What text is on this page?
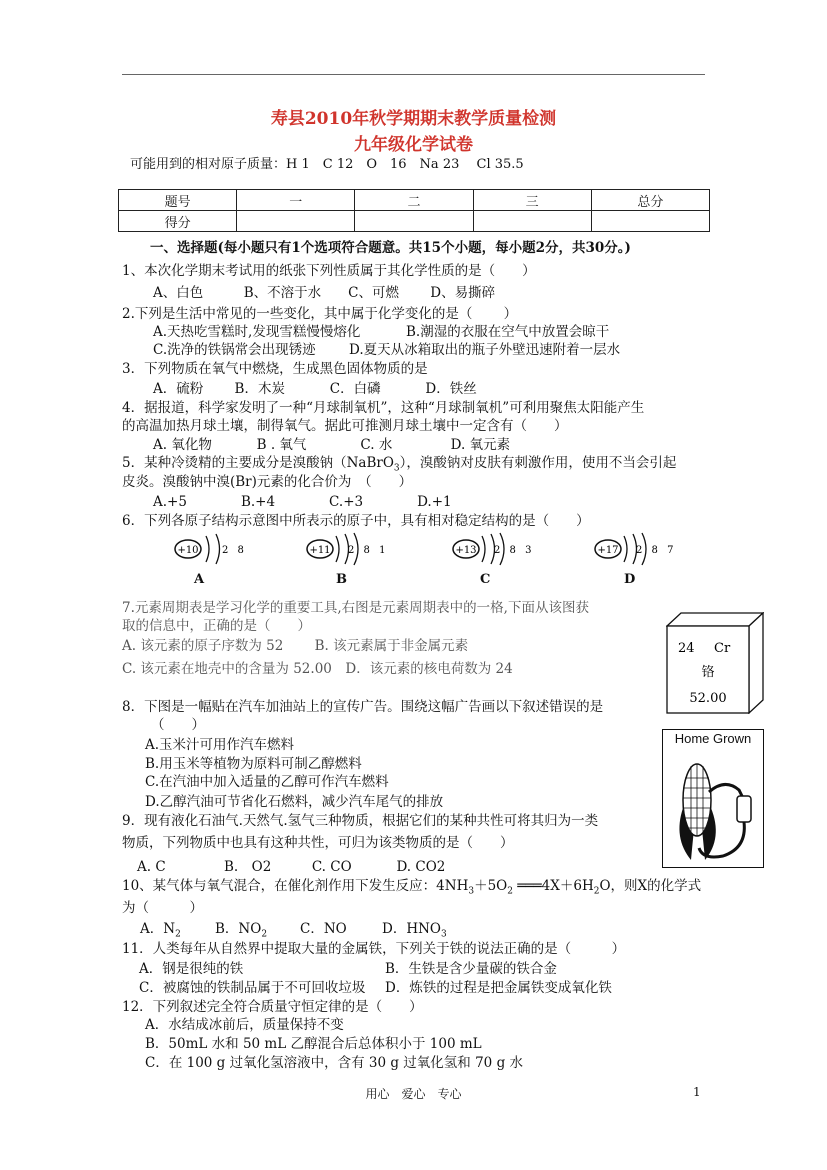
寿县2010年秋学期期末教学质量检测
九年级化学试卷
可能用到的相对原子质量：H 1　C 12　O　16　Na 23　 Cl 35.5
题号	一	二	三	总分
得分				
一、选择题(每小题只有1个选项符合题意。共15个小题，每小题2分，共30分。)
1、本次化学期末考试用的纸张下列性质属于其化学性质的是（　　）
A、白色　　　B、不溶于水　　C、可燃　　 D、易撕碎
2.下列是生活中常见的一些变化，其中属于化学变化的是（　　 ）
A.天热吃雪糕时,发现雪糕慢慢熔化	B.潮湿的衣服在空气中放置会晾干
C.洗净的铁锅常会出现锈迹 D.夏天从冰箱取出的瓶子外壁迅速附着一层水
3．下列物质在氧气中燃烧，生成黑色固体物质的是
A．硫粉　　 B．木炭　　　 C．白磷　　　 D．铁丝
4．据报道，科学家发明了一种“月球制氧机”，这种“月球制氧机”可利用聚焦太阳能产生
的高温加热月球土壤，制得氧气。据此可推测月球土壤中一定含有（　　）
A. 氧化物　　　 B . 氧气　　　　C. 水　　　　 D. 氧元素
5．某种冷烫精的主要成分是溴酸钠（NaBrO$_3$），溴酸钠对皮肤有刺激作用，使用不当会引起
皮炎。溴酸钠中溴(Br)元素的化合价为　（　　）
A.+5　　　　B.+4　　　　C.+3　　　　D.+1
6．下列各原子结构示意图中所表示的原子中，具有相对稳定结构的是（　　）
+10 2 8
A
+11 2 8 1
B
+13 2 8 3
C
+17 2 8 7
D
7.元素周期表是学习化学的重要工具,右图是元素周期表中的一格,下面从该图获
取的信息中，正确的是（　　）
A. 该元素的原子序数为 52　　 B. 该元素属于非金属元素
C. 该元素在地壳中的含量为 52.00　D．该元素的核电荷数为 24
24 Cr
铬
52.00
8．下图是一幅贴在汽车加油站上的宣传广告。围绕这幅广告画以下叙述错误的是
（　　）
A.玉米汁可用作汽车燃料
B.用玉米等植物为原料可制乙醇燃料
C.在汽油中加入适量的乙醇可作汽车燃料
D.乙醇汽油可节省化石燃料，减少汽车尾气的排放
Home Grown
9．现有液化石油气.天然气.氢气三种物质，根据它们的某种共性可将其归为一类
物质，下列物质中也具有这种共性，可归为该类物质的是（　　）
A. C　　　　 B.　O2　　　C. CO　　　 D. CO2
10、某气体与氧气混合，在催化剂作用下发生反应：$4NH_3+5O_2$ $═══4X+6H_2O$，则X的化学式
为（　　　）
A．$N_2$	B．$NO_2$ C．NO	D．$HNO_3$
11．人类每年从自然界中提取大量的金属铁，下列关于铁的说法正确的是（　　　）
A．钢是很纯的铁	B．生铁是含少量碳的铁合金
C．被腐蚀的铁制品属于不可回收垃圾 D．炼铁的过程是把金属铁变成氧化铁
12．下列叙述完全符合质量守恒定律的是（　　）
A．水结成冰前后，质量保持不变
B．50mL 水和 50 mL 乙醇混合后总体积小于 100 mL
C．在 100 g 过氧化氢溶液中，含有 30 g 过氧化氢和 70 g 水
用心　爱心　专心	1
